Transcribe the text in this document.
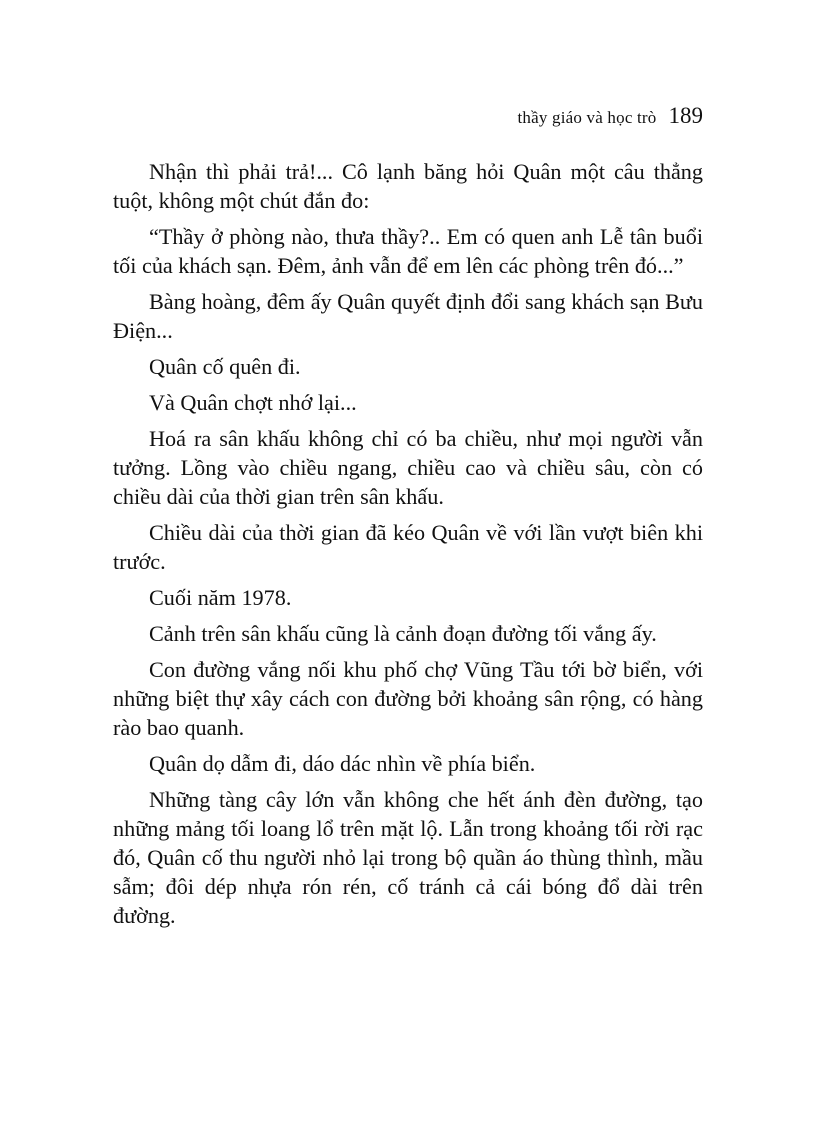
thầy giáo và học trò 189

Nhận thì phải trả!... Cô lạnh băng hỏi Quân một câu thẳng tuột, không một chút đắn đo:

“Thầy ở phòng nào, thưa thầy?.. Em có quen anh Lễ tân buổi tối của khách sạn. Đêm, ảnh vẫn để em lên các phòng trên đó...”

Bàng hoàng, đêm ấy Quân quyết định đổi sang khách sạn Bưu Điện...

Quân cố quên đi.

Và Quân chợt nhớ lại...

Hoá ra sân khấu không chỉ có ba chiều, như mọi người vẫn tưởng. Lồng vào chiều ngang, chiều cao và chiều sâu, còn có chiều dài của thời gian trên sân khấu.

Chiều dài của thời gian đã kéo Quân về với lần vượt biên khi trước.

Cuối năm 1978.

Cảnh trên sân khấu cũng là cảnh đoạn đường tối vắng ấy.

Con đường vắng nối khu phố chợ Vũng Tầu tới bờ biển, với những biệt thự xây cách con đường bởi khoảng sân rộng, có hàng rào bao quanh.

Quân dọ dẫm đi, dáo dác nhìn về phía biển.

Những tàng cây lớn vẫn không che hết ánh đèn đường, tạo những mảng tối loang lổ trên mặt lộ. Lẫn trong khoảng tối rời rạc đó, Quân cố thu người nhỏ lại trong bộ quần áo thùng thình, mầu sẫm; đôi dép nhựa rón rén, cố tránh cả cái bóng đổ dài trên đường.
